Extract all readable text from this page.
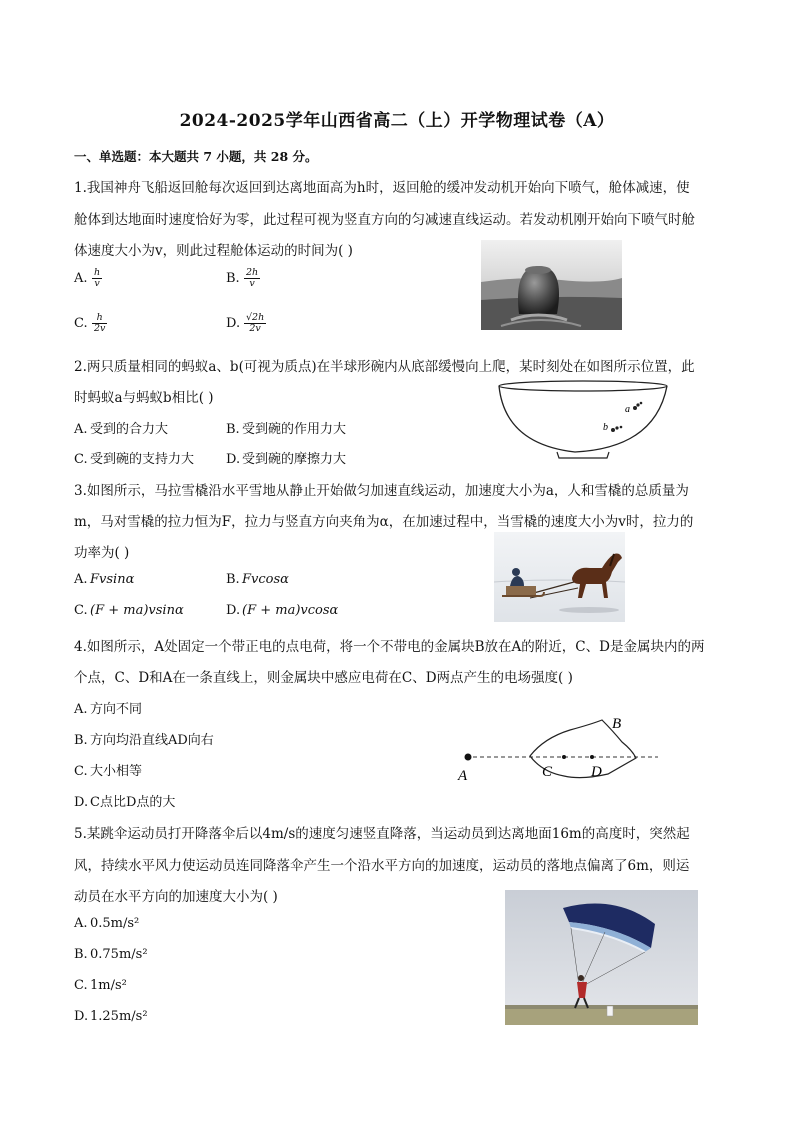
2024-2025学年山西省高二（上）开学物理试卷（A）
一、单选题：本大题共 7 小题，共 28 分。
1.我国神舟飞船返回舱每次返回到达离地面高为h时，返回舱的缓冲发动机开始向下喷气，舱体减速，使
舱体到达地面时速度恰好为零，此过程可视为竖直方向的匀减速直线运动。若发动机刚开始向下喷气时舱
体速度大小为v，则此过程舱体运动的时间为( )
A. $\frac{h}{v}$	B. $\frac{2h}{v}$
C. $\frac{h}{2v}$	D. $\frac{√2h}{2v}$
2.两只质量相同的蚂蚁a、b(可视为质点)在半球形碗内从底部缓慢向上爬，某时刻处在如图所示位置，此
时蚂蚁a与蚂蚁b相比( )
A. 受到的合力大	B. 受到碗的作用力大
C. 受到碗的支持力大 D. 受到碗的摩擦力大
a
b
3.如图所示，马拉雪橇沿水平雪地从静止开始做匀加速直线运动，加速度大小为a，人和雪橇的总质量为
m，马对雪橇的拉力恒为F，拉力与竖直方向夹角为α，在加速过程中，当雪橇的速度大小为v时，拉力的
功率为( )
A. Fvsinα	B. Fvcosα
C. (F + ma)vsinα	D. (F + ma)vcosα
4.如图所示，A处固定一个带正电的点电荷，将一个不带电的金属块B放在A的附近，C、D是金属块内的两
个点，C、D和A在一条直线上，则金属块中感应电荷在C、D两点产生的电场强度( )
A. 方向不同
B. 方向均沿直线AD向右
C. 大小相等
D. C点比D点的大
A
B
C	D
5.某跳伞运动员打开降落伞后以4m/s的速度匀速竖直降落，当运动员到达离地面16m的高度时，突然起
风，持续水平风力使运动员连同降落伞产生一个沿水平方向的加速度，运动员的落地点偏离了6m，则运
动员在水平方向的加速度大小为( )
A. 0.5m/s²
B. 0.75m/s²
C. 1m/s²
D. 1.25m/s²
